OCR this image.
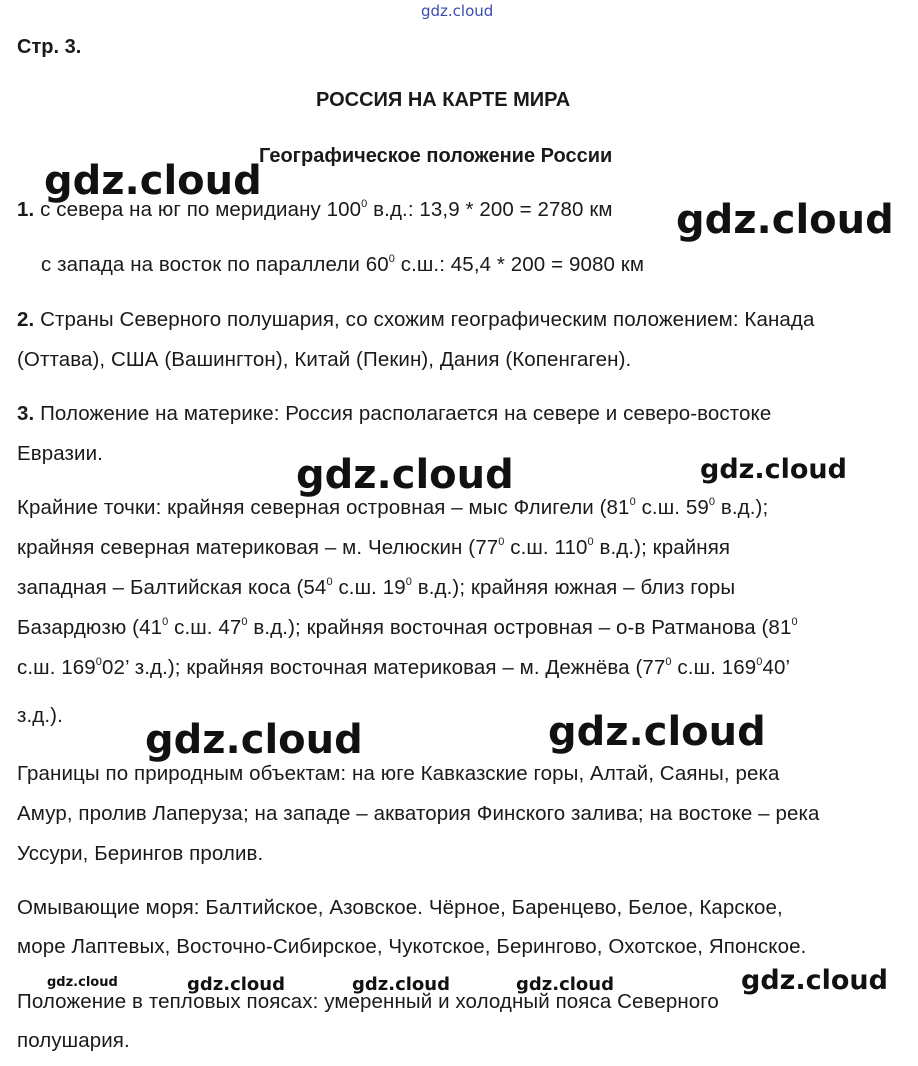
gdz.cloud
gdz.cloud
gdz.cloud
gdz.cloud	gdz.cloud
gdz.cloud	gdz.cloud
gdz.cloud	gdz.cloud	gdz.cloud	gdz.cloud	gdz.cloud
Стр. 3.
РОССИЯ НА КАРТЕ МИРА
Географическое положение России
1. с севера на юг по меридиану $100^0$ в.д.: 13,9 * 200 = 2780 км
с запада на восток по параллели $60^0$ с.ш.: 45,4 * 200 = 9080 км
2. Страны Северного полушария, со схожим географическим положением: Канада
(Оттава), США (Вашингтон), Китай (Пекин), Дания (Копенгаген).
3. Положение на материке: Россия располагается на севере и северо-востоке
Евразии.
Крайние точки: крайняя северная островная – мыс Флигели ($81^0$ с.ш. $59^0$ в.д.);
крайняя северная материковая – м. Челюскин ($77^0$ с.ш. $110^0$ в.д.); крайняя
западная – Балтийская коса ($54^0$ с.ш. $19^0$ в.д.); крайняя южная – близ горы
Базардюзю ($41^0$ с.ш. $47^0$ в.д.); крайняя восточная островная – о-в Ратманова ($81^0$
с.ш. $169^002$’ з.д.); крайняя восточная материковая – м. Дежнёва ($77^0$ с.ш. $169^040$’
з.д.).
Границы по природным объектам: на юге Кавказские горы, Алтай, Саяны, река
Амур, пролив Лаперуза; на западе – акватория Финского залива; на востоке – река
Уссури, Берингов пролив.
Омывающие моря: Балтийское, Азовское. Чёрное, Баренцево, Белое, Карское,
море Лаптевых, Восточно-Сибирское, Чукотское, Берингово, Охотское, Японское.
Положение в тепловых поясах: умеренный и холодный пояса Северного
полушария.
